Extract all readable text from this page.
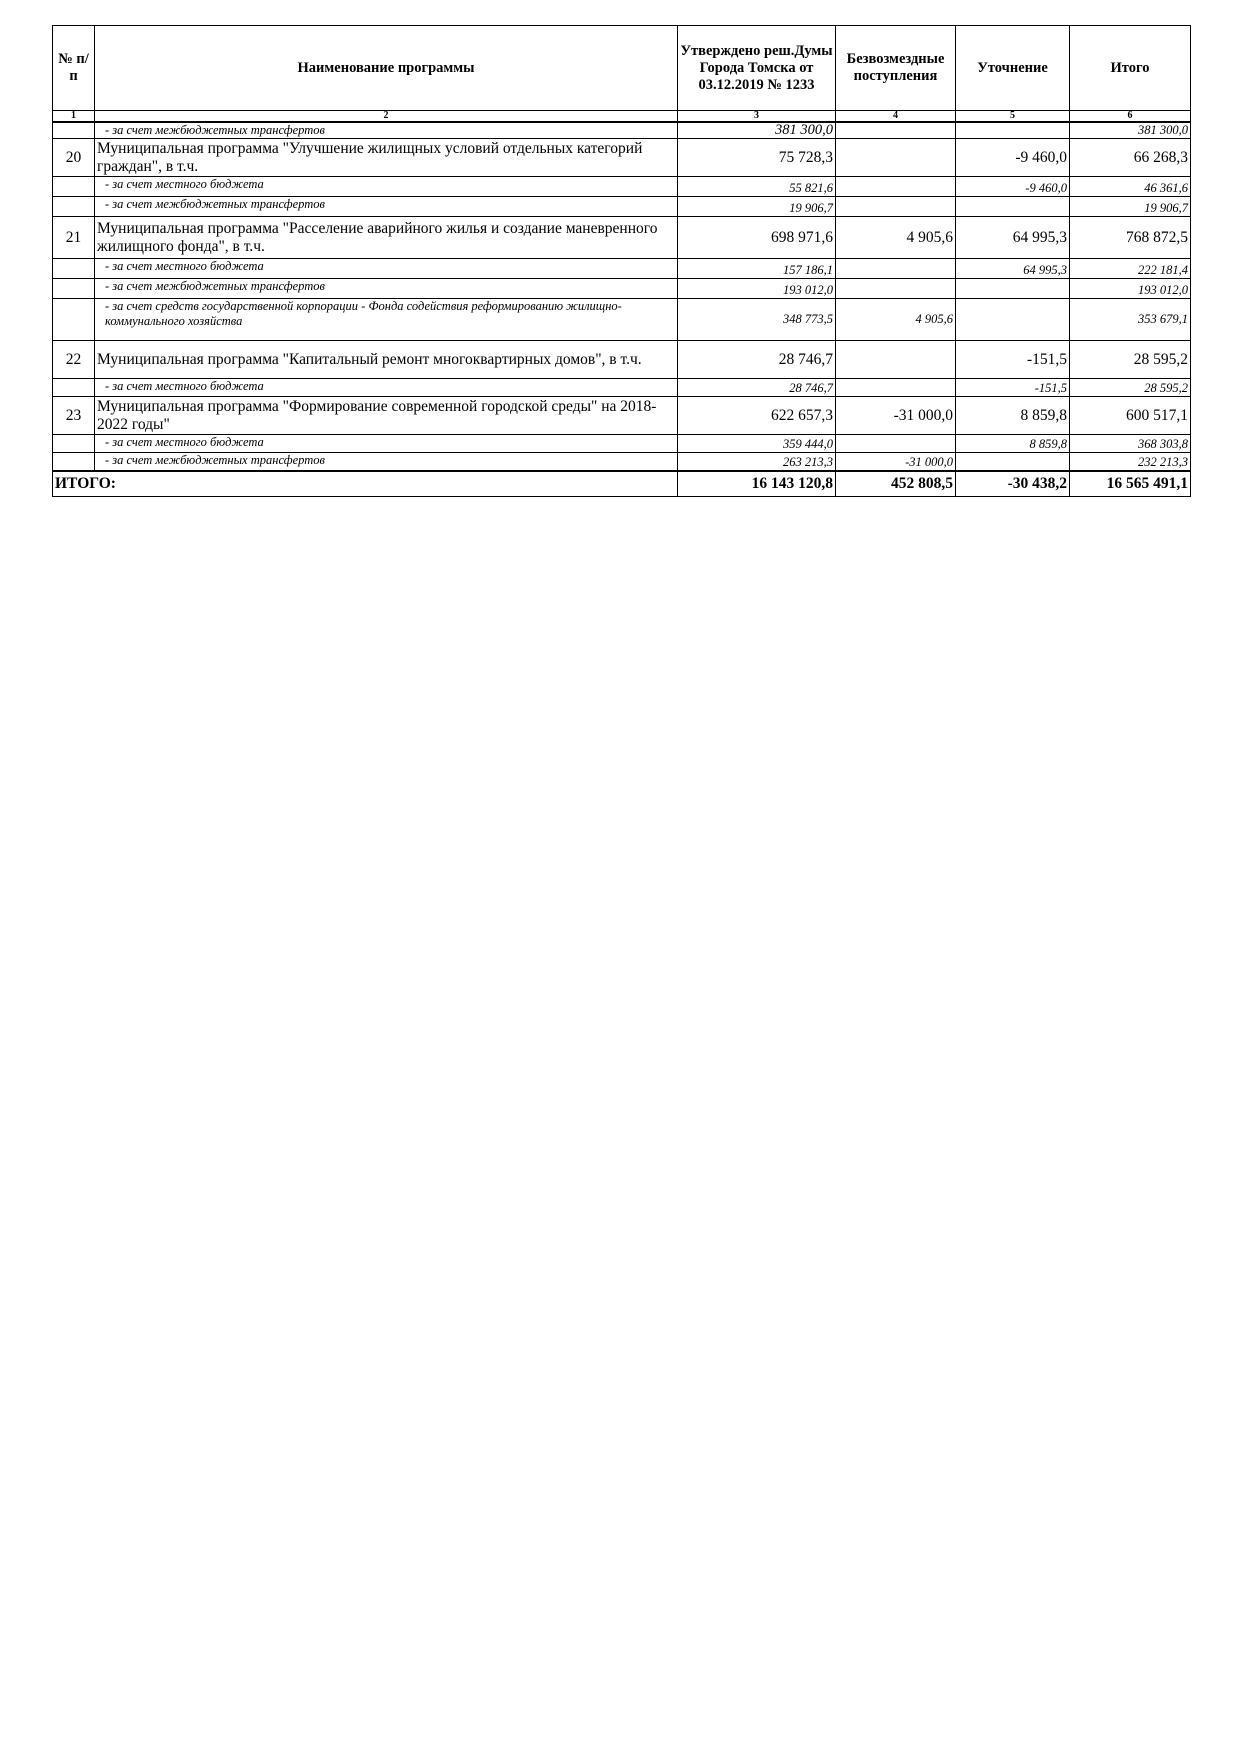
№ п/п	Наименование программы	Утверждено реш.Думы Города Томска от 03.12.2019 № 1233	Безвозмездные поступления	Уточнение	Итого
1	2	3	4	5	6
	- за счет межбюджетных трансфертов	381 300,0			381 300,0
20	Муниципальная программа "Улучшение жилищных условий отдельных категорий граждан", в т.ч.	75 728,3		-9 460,0	66 268,3
	- за счет местного бюджета	55 821,6		-9 460,0	46 361,6
	- за счет межбюджетных трансфертов	19 906,7			19 906,7
21	Муниципальная программа "Расселение аварийного жилья и создание маневренного жилищного фонда", в т.ч.	698 971,6	4 905,6	64 995,3	768 872,5
	- за счет местного бюджета	157 186,1		64 995,3	222 181,4
	- за счет межбюджетных трансфертов	193 012,0			193 012,0
	- за счет средств государственной корпорации - Фонда содействия реформированию жилищно-коммунального хозяйства	348 773,5	4 905,6		353 679,1
22	Муниципальная программа "Капитальный ремонт многоквартирных домов", в т.ч.	28 746,7		-151,5	28 595,2
	- за счет местного бюджета	28 746,7		-151,5	28 595,2
23	Муниципальная программа "Формирование современной городской среды" на 2018-2022 годы"	622 657,3	-31 000,0	8 859,8	600 517,1
	- за счет местного бюджета	359 444,0		8 859,8	368 303,8
	- за счет межбюджетных трансфертов	263 213,3	-31 000,0		232 213,3
ИТОГО:		16 143 120,8	452 808,5	-30 438,2	16 565 491,1
